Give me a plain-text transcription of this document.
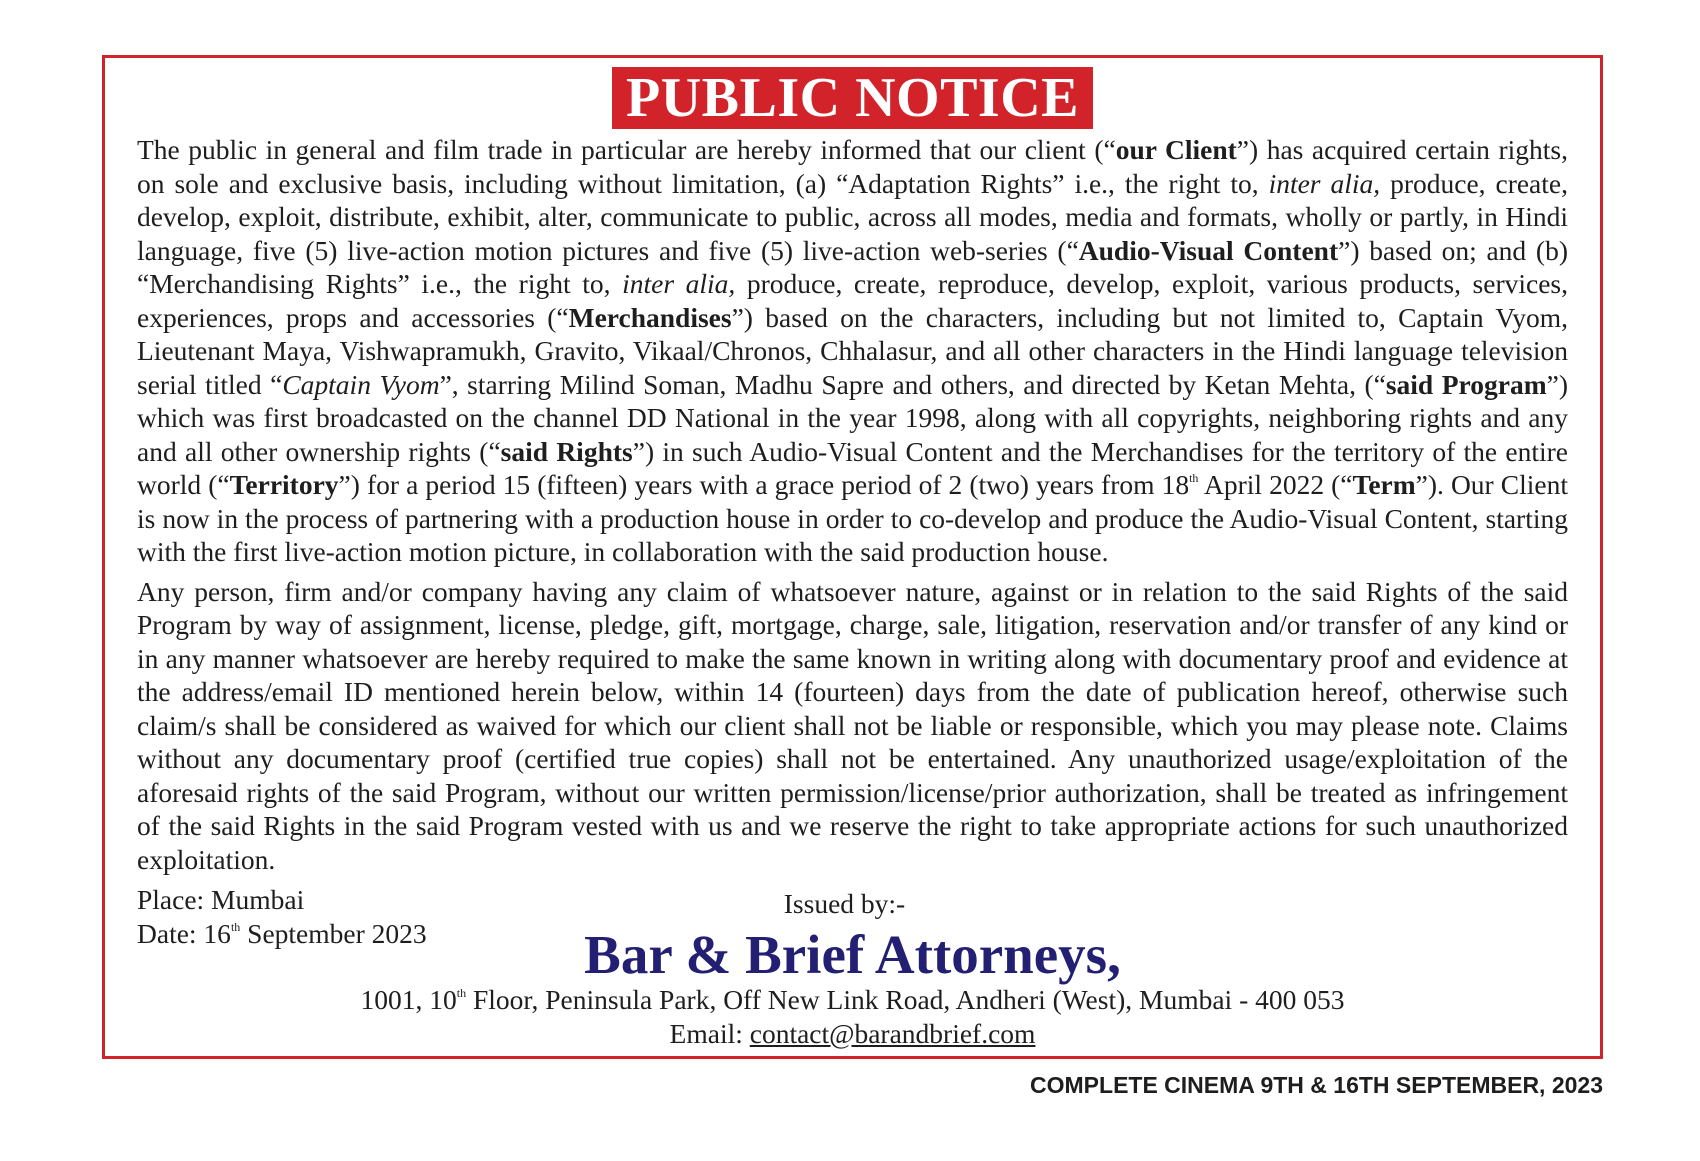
PUBLIC NOTICE

The public in general and film trade in particular are hereby informed that our client (“our Client”) has acquired certain rights, on sole and exclusive basis, including without limitation, (a) “Adaptation Rights” i.e., the right to, inter alia, produce, create, develop, exploit, distribute, exhibit, alter, communicate to public, across all modes, media and formats, wholly or partly, in Hindi language, five (5) live-action motion pictures and five (5) live-action web-series (“Audio-Visual Content”) based on; and (b) “Merchandising Rights” i.e., the right to, inter alia, produce, create, reproduce, develop, exploit, various products, services, experiences, props and accessories (“Merchandises”) based on the characters, including but not limited to, Captain Vyom, Lieutenant Maya, Vishwapramukh, Gravito, Vikaal/Chronos, Chhalasur, and all other characters in the Hindi language television serial titled “Captain Vyom”, starring Milind Soman, Madhu Sapre and others, and directed by Ketan Mehta, (“said Program”) which was first broadcasted on the channel DD National in the year 1998, along with all copyrights, neighboring rights and any and all other ownership rights (“said Rights”) in such Audio-Visual Content and the Merchandises for the territory of the entire world (“Territory”) for a period 15 (fifteen) years with a grace period of 2 (two) years from 18th April 2022 (“Term”). Our Client is now in the process of partnering with a production house in order to co-develop and produce the Audio-Visual Content, starting with the first live-action motion picture, in collaboration with the said production house.

Any person, firm and/or company having any claim of whatsoever nature, against or in relation to the said Rights of the said Program by way of assignment, license, pledge, gift, mortgage, charge, sale, litigation, reservation and/or transfer of any kind or in any manner whatsoever are hereby required to make the same known in writing along with documentary proof and evidence at the address/email ID mentioned herein below, within 14 (fourteen) days from the date of publication hereof, otherwise such claim/s shall be considered as waived for which our client shall not be liable or responsible, which you may please note. Claims without any documentary proof (certified true copies) shall not be entertained. Any unauthorized usage/exploitation of the aforesaid rights of the said Program, without our written permission/license/prior authorization, shall be treated as infringement of the said Rights in the said Program vested with us and we reserve the right to take appropriate actions for such unauthorized exploitation.

Place: Mumbai
Date: 16th September 2023
Issued by:-
Bar & Brief Attorneys,
1001, 10th Floor, Peninsula Park, Off New Link Road, Andheri (West), Mumbai - 400 053
Email: contact@barandbrief.com
COMPLETE CINEMA 9TH & 16TH SEPTEMBER, 2023
